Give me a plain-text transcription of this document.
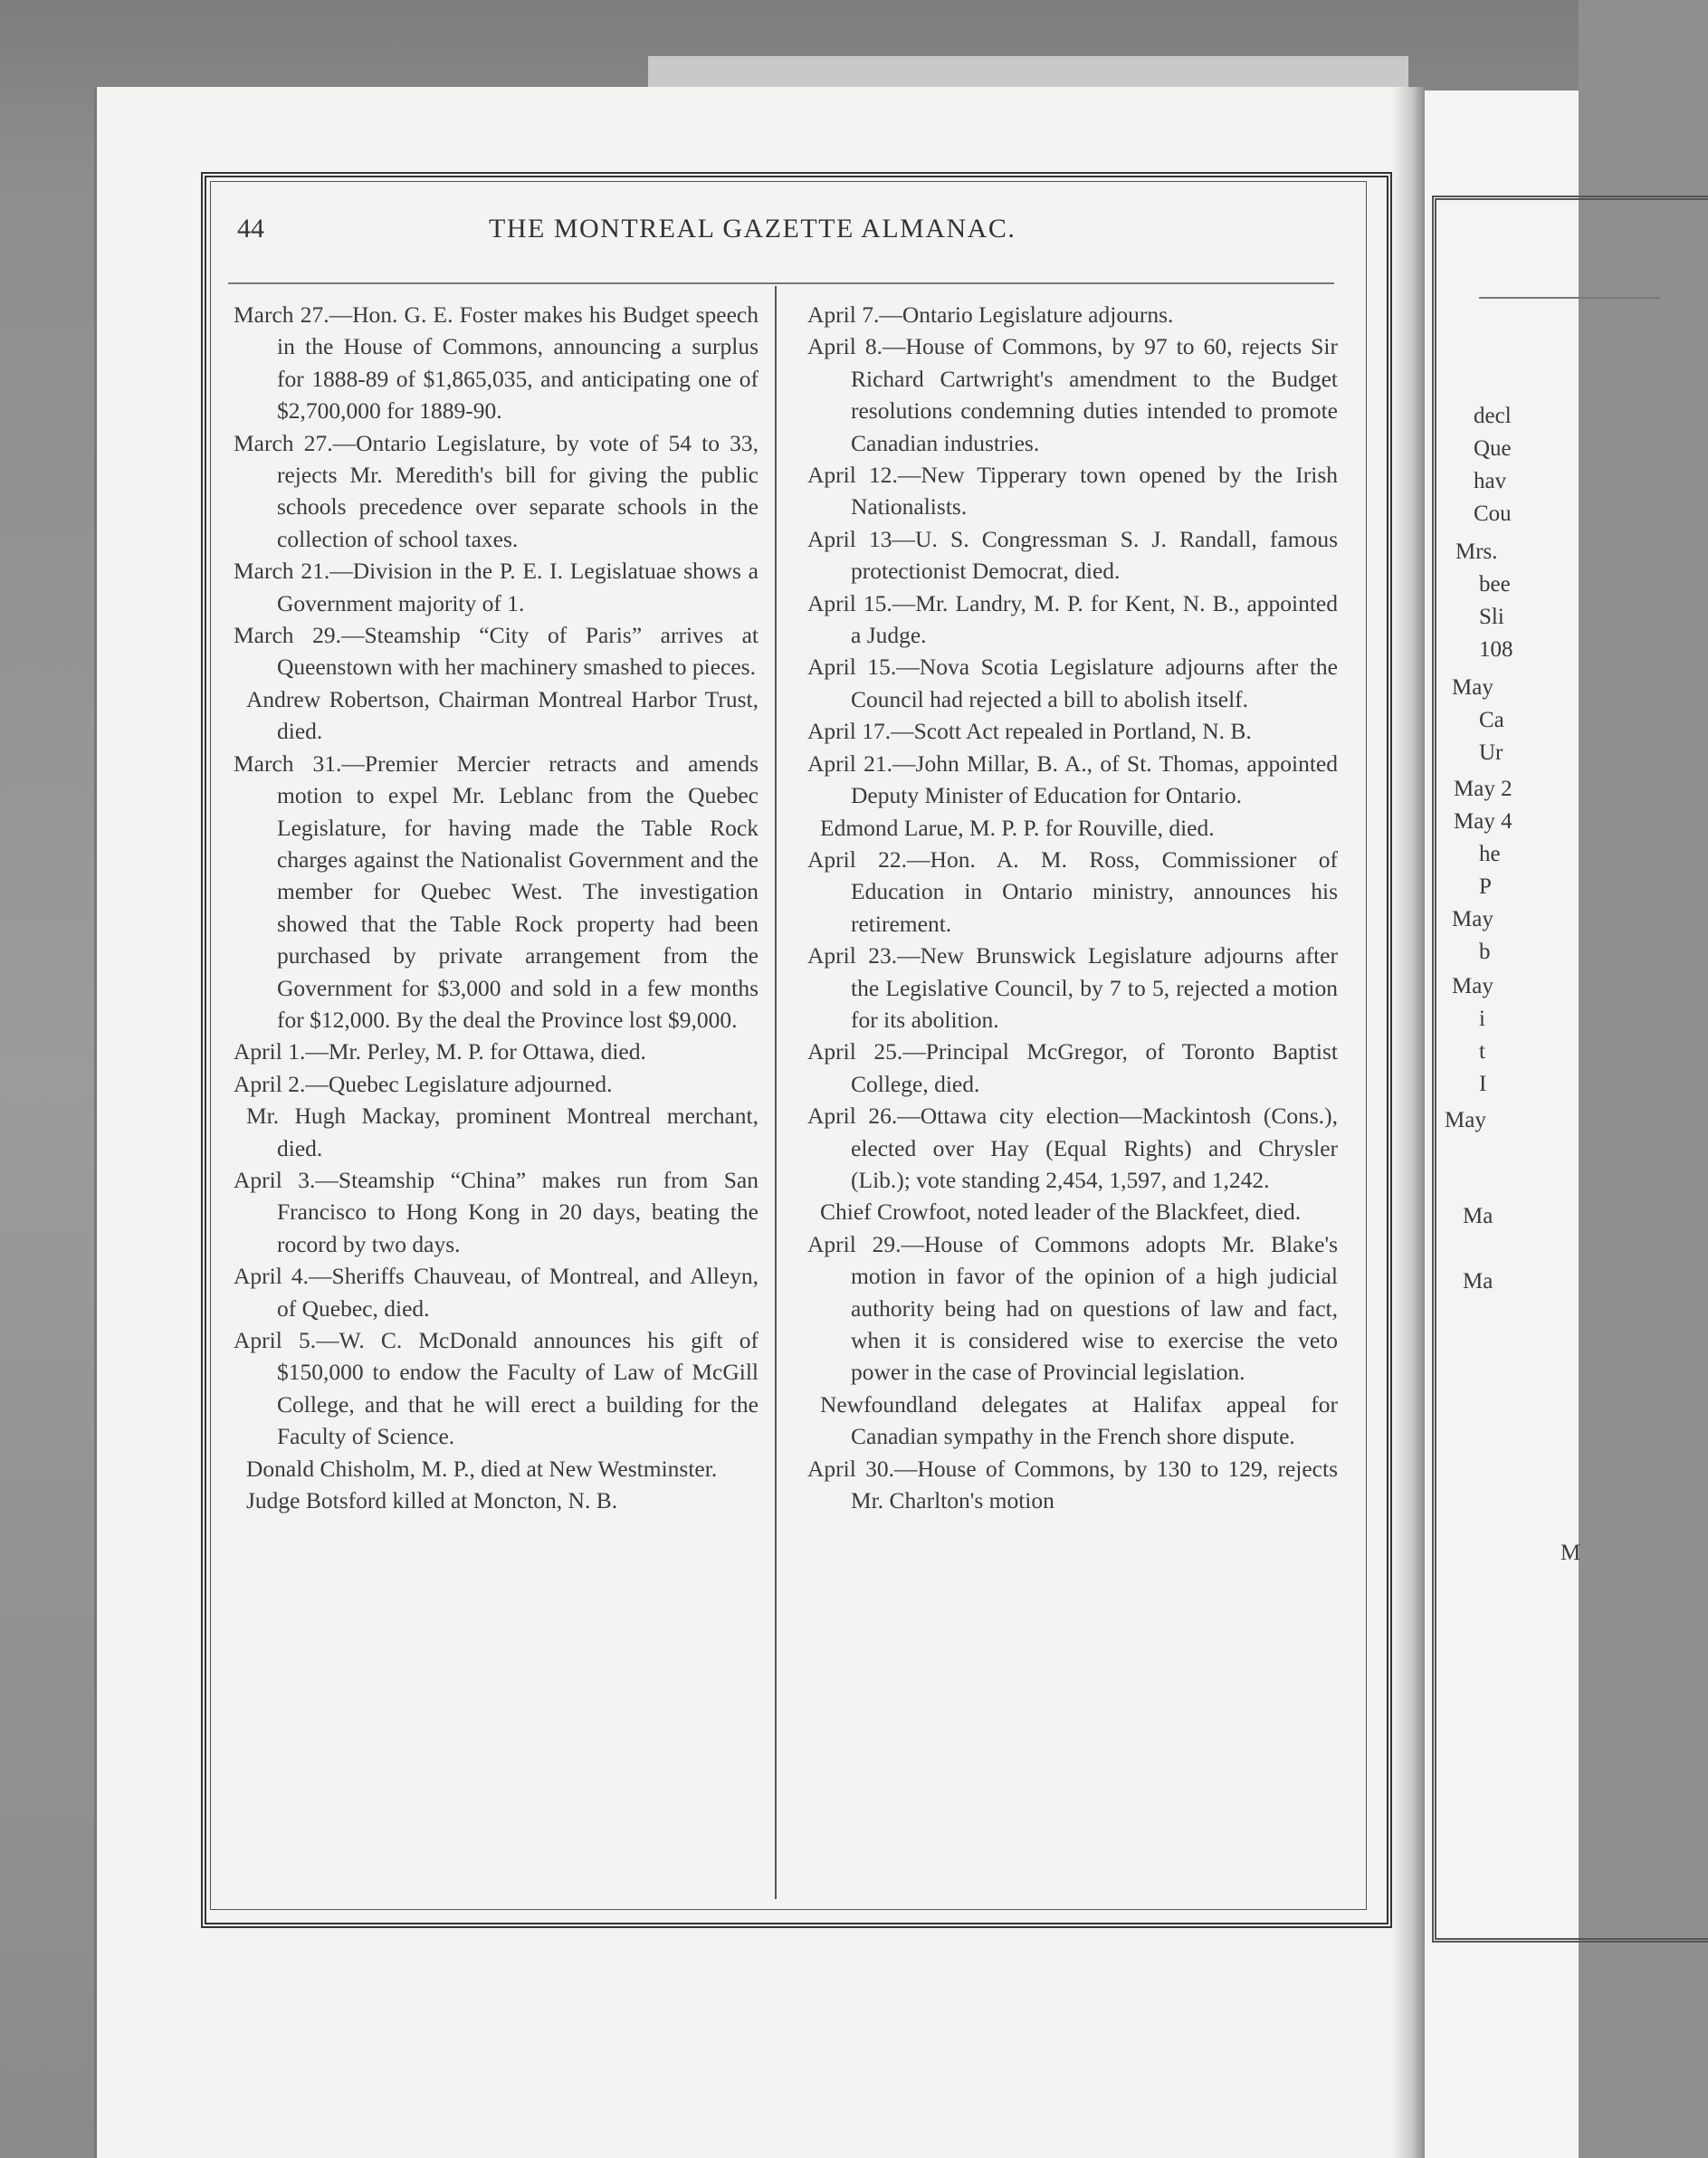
decl
Que
hav
Cou
Mrs.
bee
Sli
108
May
Ca
Ur
May 2
May 4
he
P
May
b
May
i
t
I
May
Ma
Ma
M
44	THE MONTREAL GAZETTE ALMANAC.

March 27.—Hon. G. E. Foster makes his Budget speech in the House of Commons, announcing a surplus for 1888-89 of $1,865,035, and anticipating one of $2,700,000 for 1889-90.

March 27.—Ontario Legislature, by vote of 54 to 33, rejects Mr. Meredith's bill for giving the public schools precedence over separate schools in the collection of school taxes.

March 21.—Division in the P. E. I. Legislatuae shows a Government majority of 1.

March 29.—Steamship “City of Paris” arrives at Queenstown with her machinery smashed to pieces.

Andrew Robertson, Chairman Montreal Harbor Trust, died.

March 31.—Premier Mercier retracts and amends motion to expel Mr. Leblanc from the Quebec Legislature, for having made the Table Rock charges against the Nationalist Government and the member for Quebec West. The investigation showed that the Table Rock property had been purchased by private arrangement from the Government for $3,000 and sold in a few months for $12,000. By the deal the Province lost $9,000.

April 1.—Mr. Perley, M. P. for Ottawa, died.

April 2.—Quebec Legislature adjourned.

Mr. Hugh Mackay, prominent Montreal merchant, died.

April 3.—Steamship “China” makes run from San Francisco to Hong Kong in 20 days, beating the rocord by two days.

April 4.—Sheriffs Chauveau, of Montreal, and Alleyn, of Quebec, died.

April 5.—W. C. McDonald announces his gift of $150,000 to endow the Faculty of Law of McGill College, and that he will erect a building for the Faculty of Science.

Donald Chisholm, M. P., died at New Westminster.

Judge Botsford killed at Moncton, N. B.

April 7.—Ontario Legislature adjourns.

April 8.—House of Commons, by 97 to 60, rejects Sir Richard Cartwright's amendment to the Budget resolutions condemning duties intended to promote Canadian industries.

April 12.—New Tipperary town opened by the Irish Nationalists.

April 13—U. S. Congressman S. J. Randall, famous protectionist Democrat, died.

April 15.—Mr. Landry, M. P. for Kent, N. B., appointed a Judge.

April 15.—Nova Scotia Legislature adjourns after the Council had rejected a bill to abolish itself.

April 17.—Scott Act repealed in Portland, N. B.

April 21.—John Millar, B. A., of St. Thomas, appointed Deputy Minister of Education for Ontario.

Edmond Larue, M. P. P. for Rouville, died.

April 22.—Hon. A. M. Ross, Commissioner of Education in Ontario ministry, announces his retirement.

April 23.—New Brunswick Legislature adjourns after the Legislative Council, by 7 to 5, rejected a motion for its abolition.

April 25.—Principal McGregor, of Toronto Baptist College, died.

April 26.—Ottawa city election—Mackintosh (Cons.), elected over Hay (Equal Rights) and Chrysler (Lib.); vote standing 2,454, 1,597, and 1,242.

Chief Crowfoot, noted leader of the Blackfeet, died.

April 29.—House of Commons adopts Mr. Blake's motion in favor of the opinion of a high judicial authority being had on questions of law and fact, when it is considered wise to exercise the veto power in the case of Provincial legislation.

Newfoundland delegates at Halifax appeal for Canadian sympathy in the French shore dispute.

April 30.—House of Commons, by 130 to 129, rejects Mr. Charlton's motion
